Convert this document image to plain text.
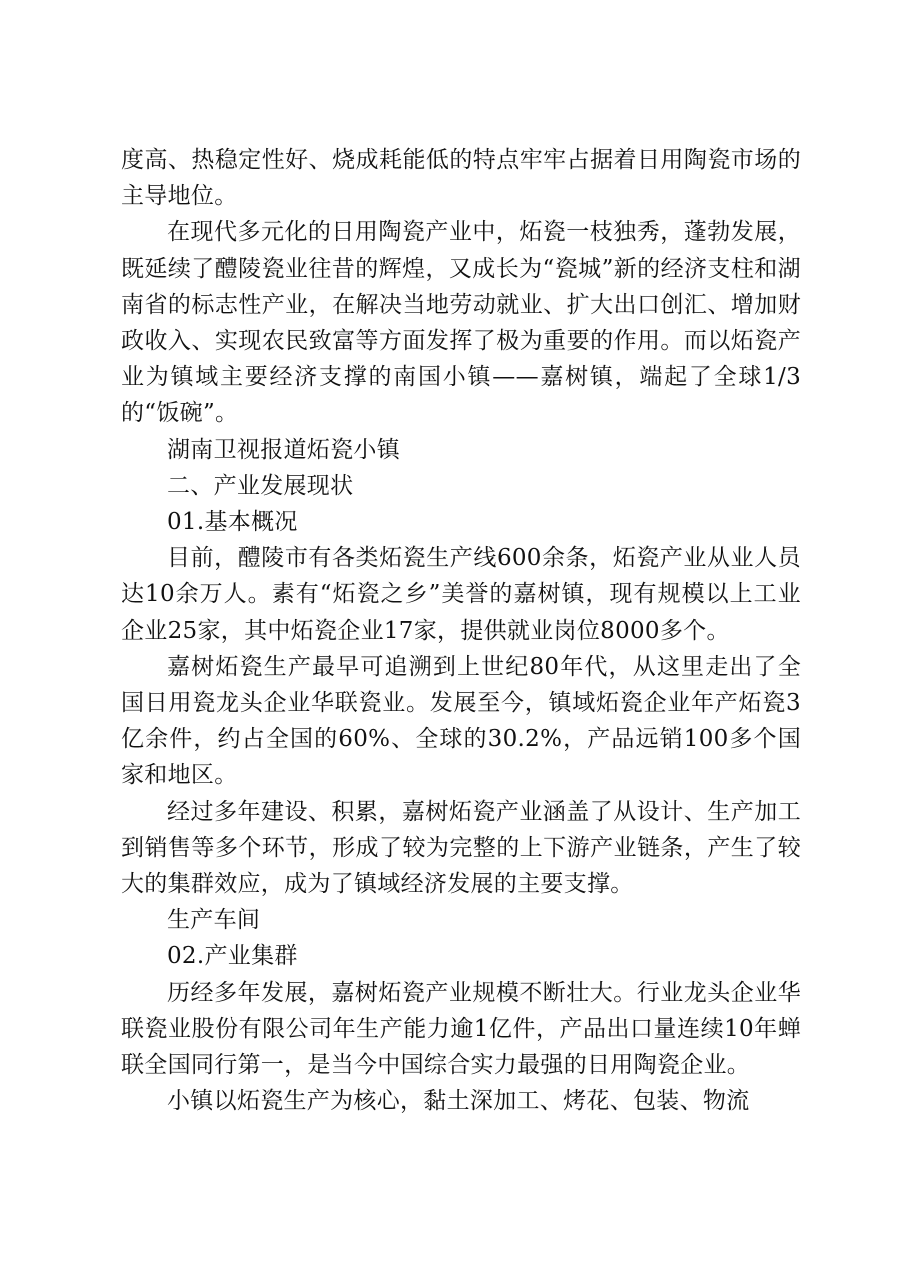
度高、热稳定性好、烧成耗能低的特点牢牢占据着日用陶瓷市场的主导地位。

在现代多元化的日用陶瓷产业中，炻瓷一枝独秀，蓬勃发展，既延续了醴陵瓷业往昔的辉煌，又成长为“瓷城”新的经济支柱和湖南省的标志性产业，在解决当地劳动就业、扩大出口创汇、增加财政收入、实现农民致富等方面发挥了极为重要的作用。而以炻瓷产业为镇域主要经济支撑的南国小镇——嘉树镇，端起了全球1/3的“饭碗”。

湖南卫视报道炻瓷小镇

二、产业发展现状

01.基本概况

目前，醴陵市有各类炻瓷生产线600余条，炻瓷产业从业人员达10余万人。素有“炻瓷之乡”美誉的嘉树镇，现有规模以上工业企业25家，其中炻瓷企业17家，提供就业岗位8000多个。

嘉树炻瓷生产最早可追溯到上世纪80年代，从这里走出了全国日用瓷龙头企业华联瓷业。发展至今，镇域炻瓷企业年产炻瓷3亿余件，约占全国的60%、全球的30.2%，产品远销100多个国家和地区。

经过多年建设、积累，嘉树炻瓷产业涵盖了从设计、生产加工到销售等多个环节，形成了较为完整的上下游产业链条，产生了较大的集群效应，成为了镇域经济发展的主要支撑。

生产车间

02.产业集群

历经多年发展，嘉树炻瓷产业规模不断壮大。行业龙头企业华联瓷业股份有限公司年生产能力逾1亿件，产品出口量连续10年蝉联全国同行第一，是当今中国综合实力最强的日用陶瓷企业。

小镇以炻瓷生产为核心，黏土深加工、烤花、包装、物流
